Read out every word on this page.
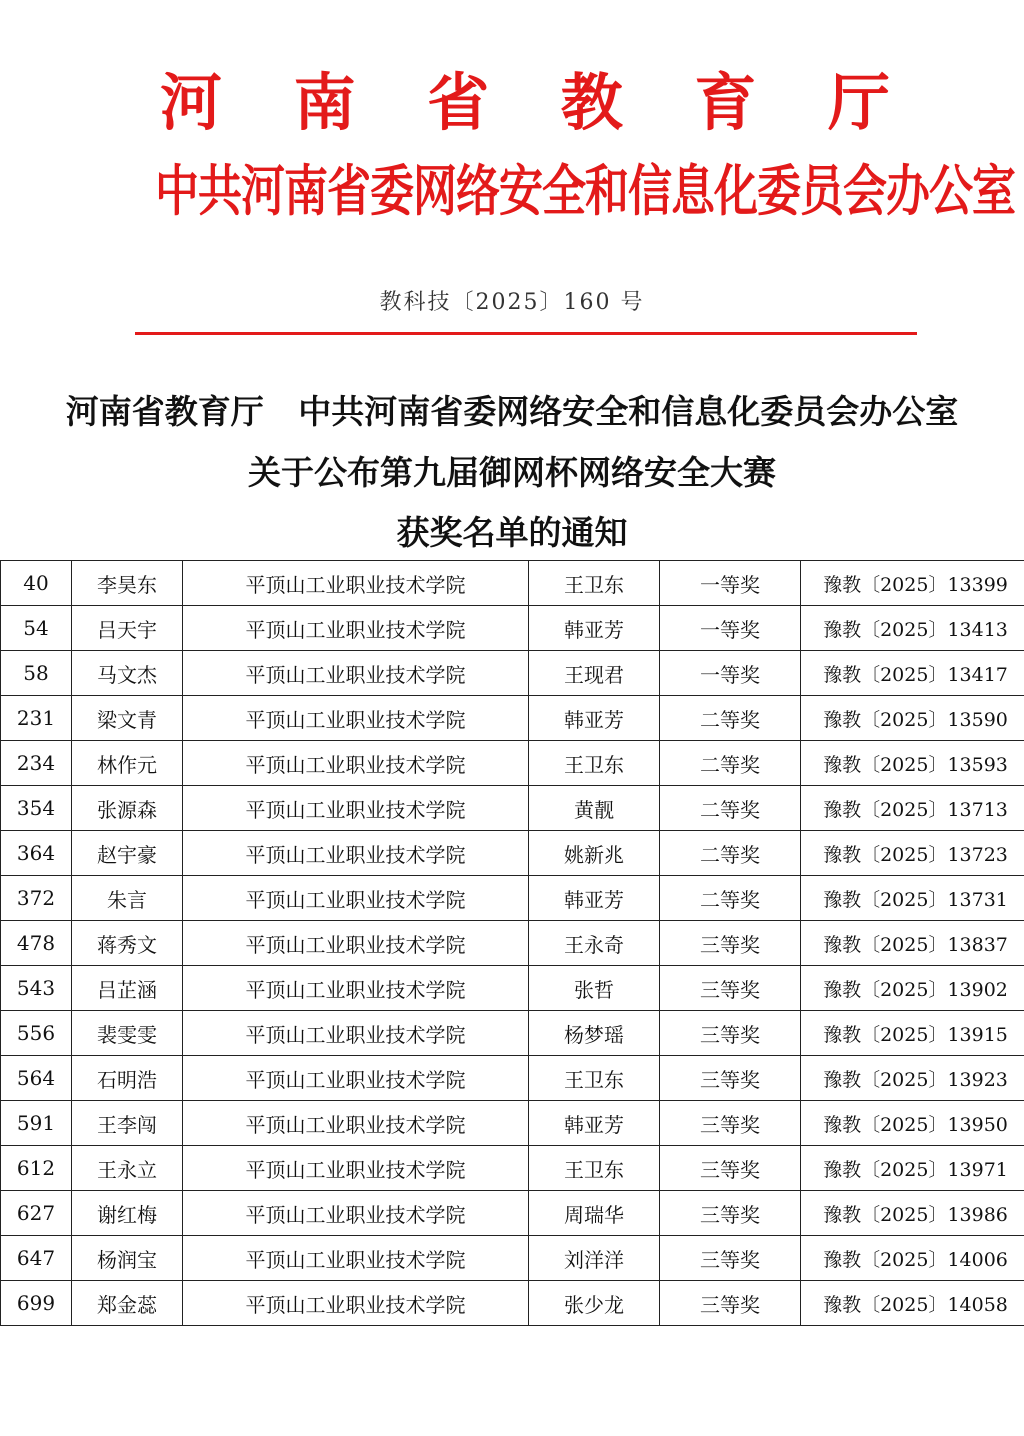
河 南 省 教 育 厅
中共河南省委网络安全和信息化委员会办公室
教科技〔2025〕160 号
河南省教育厅   中共河南省委网络安全和信息化委员会办公室
关于公布第九届御网杯网络安全大赛
获奖名单的通知
40	李昊东	平顶山工业职业技术学院	王卫东	一等奖	豫教〔2025〕13399
54	吕天宇	平顶山工业职业技术学院	韩亚芳	一等奖	豫教〔2025〕13413
58	马文杰	平顶山工业职业技术学院	王现君	一等奖	豫教〔2025〕13417
231	梁文青	平顶山工业职业技术学院	韩亚芳	二等奖	豫教〔2025〕13590
234	林作元	平顶山工业职业技术学院	王卫东	二等奖	豫教〔2025〕13593
354	张源森	平顶山工业职业技术学院	黄靓	二等奖	豫教〔2025〕13713
364	赵宇豪	平顶山工业职业技术学院	姚新兆	二等奖	豫教〔2025〕13723
372	朱言	平顶山工业职业技术学院	韩亚芳	二等奖	豫教〔2025〕13731
478	蒋秀文	平顶山工业职业技术学院	王永奇	三等奖	豫教〔2025〕13837
543	吕芷涵	平顶山工业职业技术学院	张哲	三等奖	豫教〔2025〕13902
556	裴雯雯	平顶山工业职业技术学院	杨梦瑶	三等奖	豫教〔2025〕13915
564	石明浩	平顶山工业职业技术学院	王卫东	三等奖	豫教〔2025〕13923
591	王李闯	平顶山工业职业技术学院	韩亚芳	三等奖	豫教〔2025〕13950
612	王永立	平顶山工业职业技术学院	王卫东	三等奖	豫教〔2025〕13971
627	谢红梅	平顶山工业职业技术学院	周瑞华	三等奖	豫教〔2025〕13986
647	杨润宝	平顶山工业职业技术学院	刘洋洋	三等奖	豫教〔2025〕14006
699	郑金蕊	平顶山工业职业技术学院	张少龙	三等奖	豫教〔2025〕14058
